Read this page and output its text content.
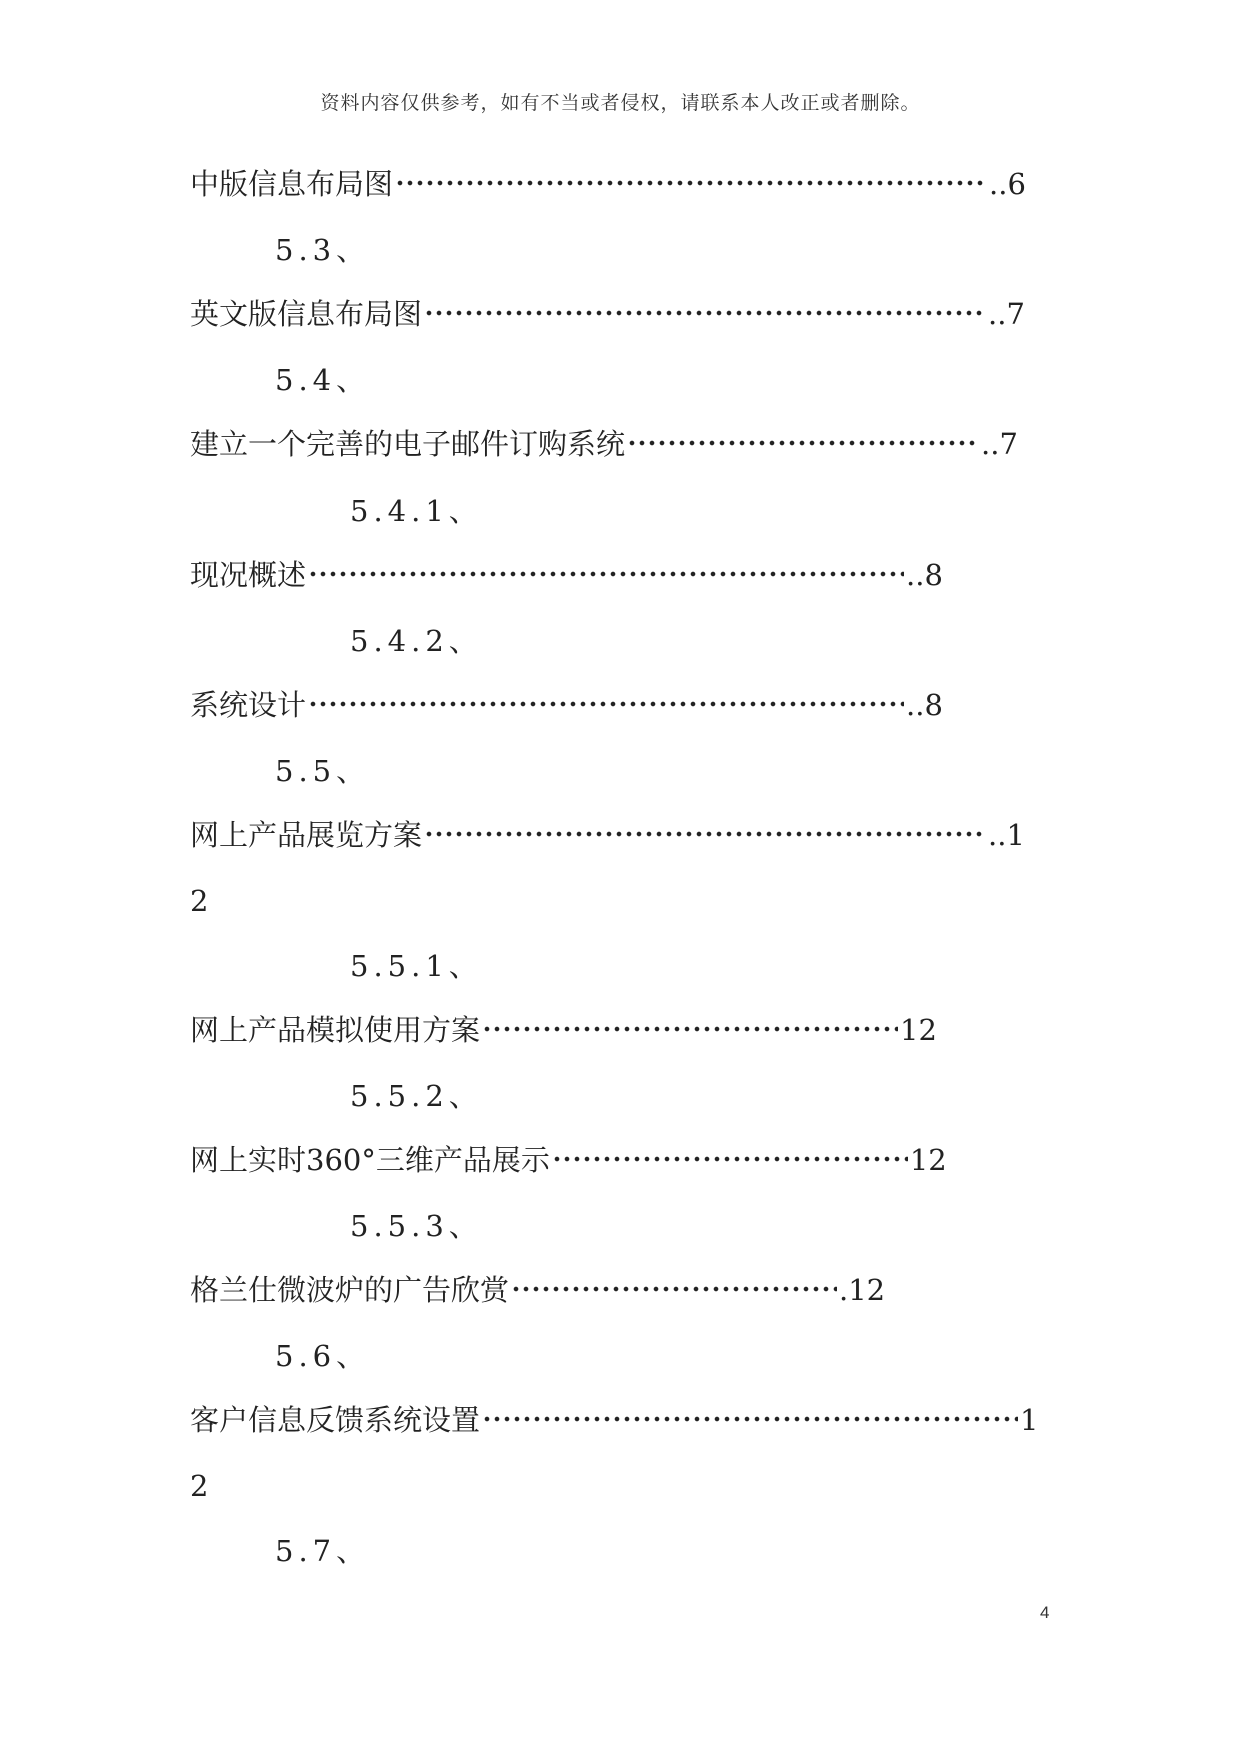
资料内容仅供参考，如有不当或者侵权，请联系本人改正或者删除。
中版信息布局图	..6
5.3、
英文版信息布局图	..7
5.4、
建立一个完善的电子邮件订购系统	..7
5.4.1、
现况概述	..8
5.4.2、
系统设计	..8
5.5、
网上产品展览方案	..1
2
5.5.1、
网上产品模拟使用方案	12
5.5.2、
网上实时360°三维产品展示	12
5.5.3、
格兰仕微波炉的广告欣赏	.12
5.6、
客户信息反馈系统设置	1
2
5.7、
4
